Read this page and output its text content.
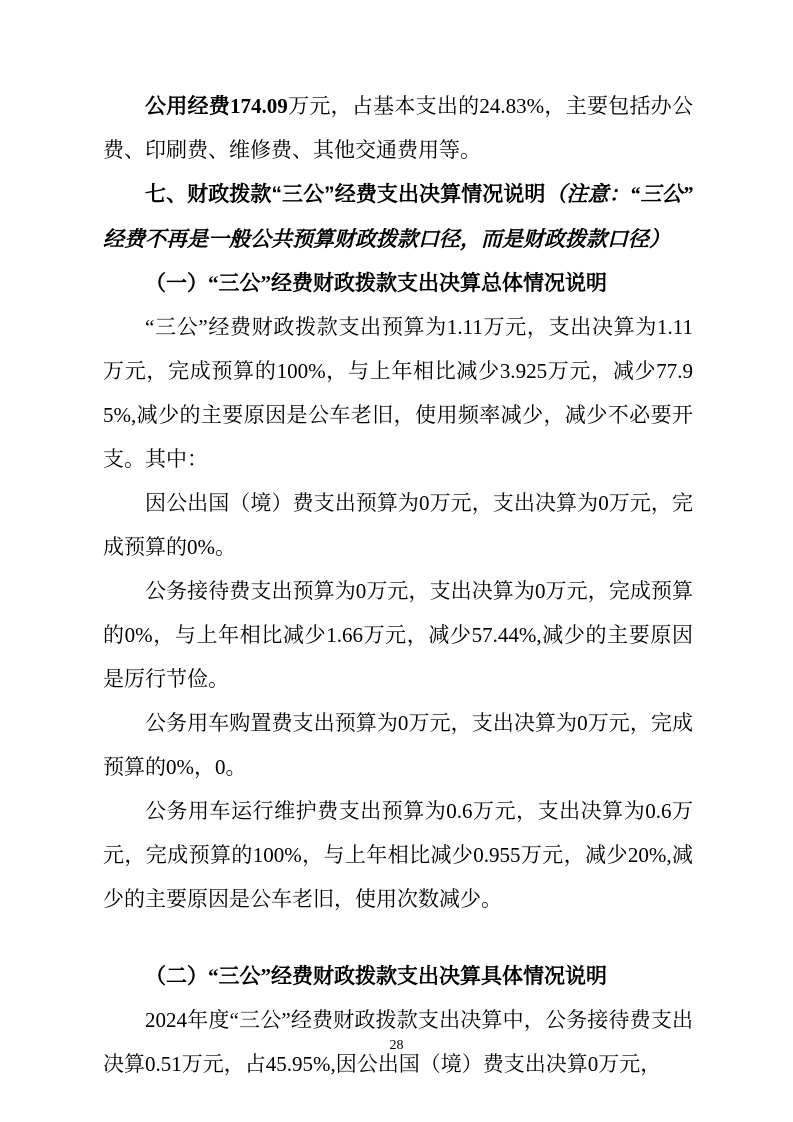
公用经费174.09万元，占基本支出的24.83%，主要包括办公费、印刷费、维修费、其他交通费用等。

七、财政拨款“三公”经费支出决算情况说明（注意：“三公”经费不再是一般公共预算财政拨款口径，而是财政拨款口径）

（一）“三公”经费财政拨款支出决算总体情况说明

“三公”经费财政拨款支出预算为1.11万元，支出决算为1.11万元，完成预算的100%，与上年相比减少3.925万元，减少77.95%,减少的主要原因是公车老旧，使用频率减少，减少不必要开支。其中：

因公出国（境）费支出预算为0万元，支出决算为0万元，完成预算的0%。

公务接待费支出预算为0万元，支出决算为0万元，完成预算的0%，与上年相比减少1.66万元，减少57.44%,减少的主要原因是厉行节俭。

公务用车购置费支出预算为0万元，支出决算为0万元，完成预算的0%，0。

公务用车运行维护费支出预算为0.6万元，支出决算为0.6万元，完成预算的100%，与上年相比减少0.955万元，减少20%,减少的主要原因是公车老旧，使用次数减少。

（二）“三公”经费财政拨款支出决算具体情况说明

2024年度“三公”经费财政拨款支出决算中，公务接待费支出决算0.51万元，占45.95%,因公出国（境）费支出决算0万元，

28
